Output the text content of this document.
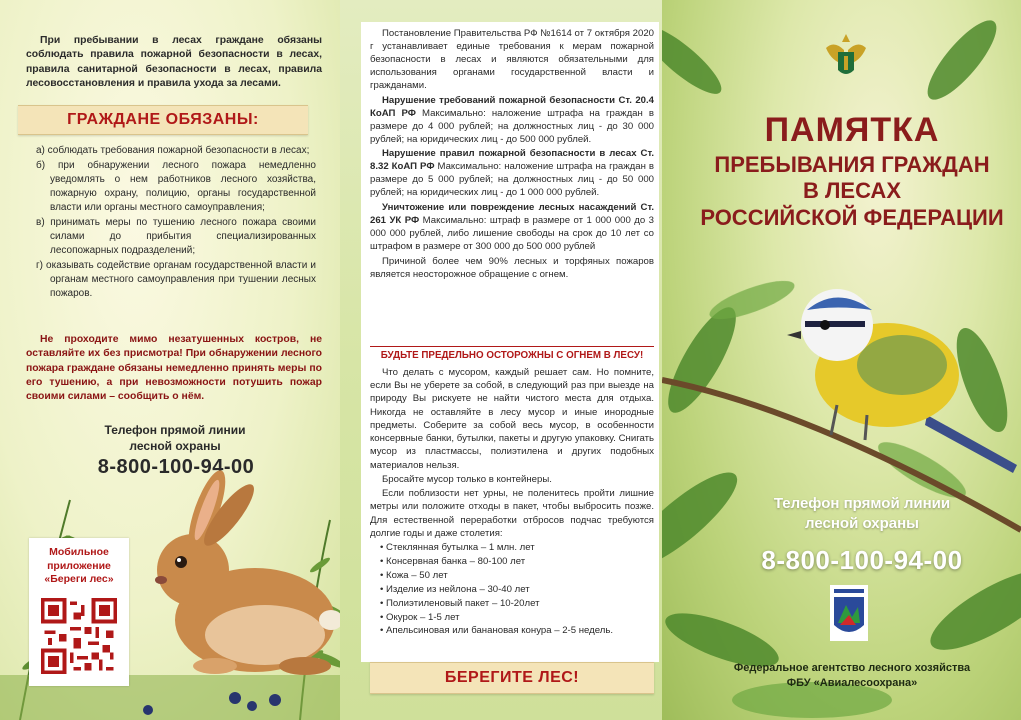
При пребывании в лесах граждане обязаны соблюдать правила пожарной безопасности в лесах, правила санитарной безопасности в лесах, правила лесовосстановления и правила ухода за лесами.
ГРАЖДАНЕ ОБЯЗАНЫ:
а) соблюдать требования пожарной безопасности в лесах;
б) при обнаружении лесного пожара немедленно уведомлять о нем работников лесного хозяйства, пожарную охрану, полицию, органы государственной власти или органы местного самоуправления;
в) принимать меры по тушению лесного пожара своими силами до прибытия специализированных лесопожарных подразделений;
г) оказывать содействие органам государственной власти и органам местного самоуправления при тушении лесных пожаров.
Не проходите мимо незатушенных костров, не оставляйте их без присмотра! При обнаружении лесного пожара граждане обязаны немедленно принять меры по его тушению, а при невозможности потушить пожар своими силами – сообщить о нём.
Телефон прямой линии
лесной охраны
8-800-100-94-00
Мобильное
приложение
«Береги лес»

Постановление Правительства РФ №1614 от 7 октября 2020 г устанавливает единые требования к мерам пожарной безопасности в лесах и являются обязательными для использования органами государственной власти и гражданами.

Нарушение требований пожарной безопасности Ст. 20.4 КоАП РФ Максимально: наложение штрафа на граждан в размере до 4 000 рублей; на должностных лиц - до 30 000 рублей; на юридических лиц - до 500 000 рублей.

Нарушение правил пожарной безопасности в лесах Ст. 8.32 КоАП РФ Максимально: наложение штрафа на граждан в размере до 5 000 рублей; на должностных лиц - до 50 000 рублей; на юридических лиц - до 1 000 000 рублей.

Уничтожение или повреждение лесных насаждений Ст. 261 УК РФ Максимально: штраф в размере от 1 000 000 до 3 000 000 рублей, либо лишение свободы на срок до 10 лет со штрафом в размере от 300 000 до 500 000 рублей

Причиной более чем 90% лесных и торфяных пожаров является неосторожное обращение с огнем.

БУДЬТЕ ПРЕДЕЛЬНО ОСТОРОЖНЫ С ОГНЕМ В ЛЕСУ!

Что делать с мусором, каждый решает сам. Но помните, если Вы не уберете за собой, в следующий раз при выезде на природу Вы рискуете не найти чистого места для отдыха. Никогда не оставляйте в лесу мусор и иные инородные предметы. Соберите за собой весь мусор, в особенности консервные банки, бутылки, пакеты и другую упаковку. Снигать мусор из пластмассы, полиэтилена и других подобных материалов нельзя.

Бросайте мусор только в контейнеры.

Если поблизости нет урны, не поленитесь пройти лишние метры или положите отходы в пакет, чтобы выбросить позже. Для естественной переработки отбросов подчас требуются долгие годы и даже столетия:

• Стеклянная бутылка – 1 млн. лет
• Консервная банка – 80-100 лет
• Кожа – 50 лет
• Изделие из нейлона – 30-40 лет
• Полиэтиленовый пакет – 10-20лет
• Окурок – 1-5 лет
• Апельсиновая или банановая конура – 2-5 недель.
БЕРЕГИТЕ ЛЕС!
ПАМЯТКА
ПРЕБЫВАНИЯ ГРАЖДАН
В ЛЕСАХ
РОССИЙСКОЙ ФЕДЕРАЦИИ
Телефон прямой линии
лесной охраны
8-800-100-94-00
Федеральное агентство лесного хозяйства
ФБУ «Авиалесоохрана»
